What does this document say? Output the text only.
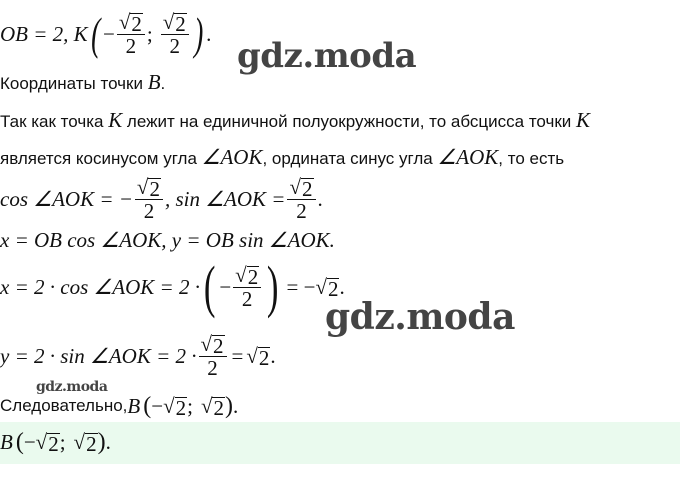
OB = 2, K ( − $\frac{√ 2}{2}$ ; $\frac{√ 2}{2}$ ) .
gdz.moda
Координаты точки B.
Так как точка K лежит на единичной полуокружности, то абсцисса точки K
является косинусом угла ∠AOK, ордината синус угла ∠AOK, то есть
cos ∠AOK = − $\frac{√ 2}{2}$ , sin ∠AOK = $\frac{√ 2}{2}$ .
x = OB cos ∠AOK, y = OB sin ∠AOK.
x = 2 · cos ∠AOK = 2 · ( − $\frac{√ 2}{2}$ ) = − √ 2 .
gdz.moda
y = 2 · sin ∠AOK = $2 \cdot \frac{√ 2}{2}$ = √ 2 .
gdz.moda
Следовательно, B ( − √ 2 ; √ 2 ) .
B ( − √ 2 ; √ 2 ) .
